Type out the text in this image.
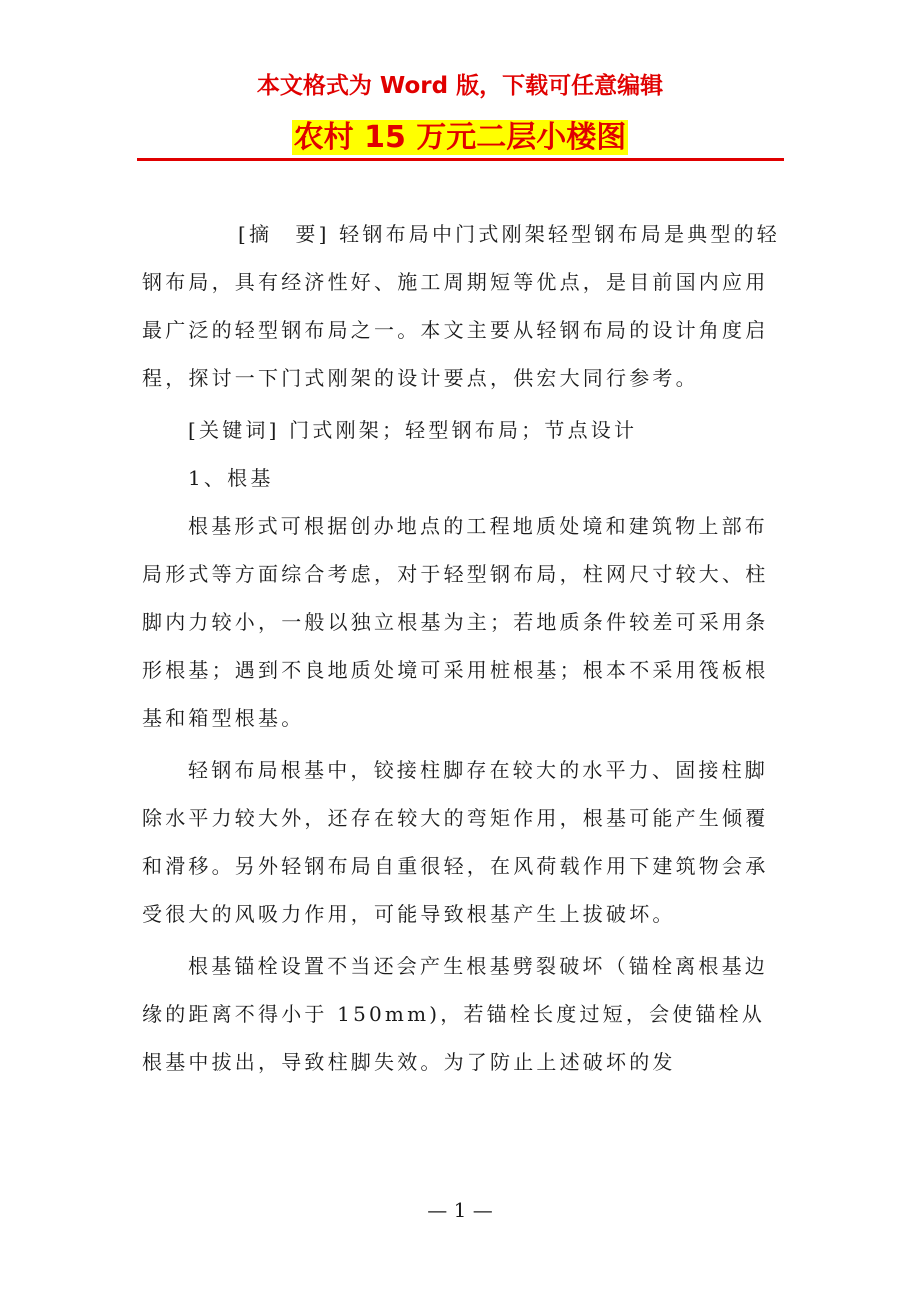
本文格式为 Word 版，下载可任意编辑

农村 15 万元二层小楼图

[摘　要] 轻钢布局中门式刚架轻型钢布局是典型的轻钢布局，具有经济性好、施工周期短等优点，是目前国内应用最广泛的轻型钢布局之一。本文主要从轻钢布局的设计角度启程，探讨一下门式刚架的设计要点，供宏大同行参考。

[关键词] 门式刚架；轻型钢布局；节点设计

1、根基

根基形式可根据创办地点的工程地质处境和建筑物上部布局形式等方面综合考虑，对于轻型钢布局，柱网尺寸较大、柱脚内力较小，一般以独立根基为主；若地质条件较差可采用条形根基；遇到不良地质处境可采用桩根基；根本不采用筏板根基和箱型根基。

轻钢布局根基中，铰接柱脚存在较大的水平力、固接柱脚除水平力较大外，还存在较大的弯矩作用，根基可能产生倾覆和滑移。另外轻钢布局自重很轻，在风荷载作用下建筑物会承受很大的风吸力作用，可能导致根基产生上拔破坏。

根基锚栓设置不当还会产生根基劈裂破坏（锚栓离根基边缘的距离不得小于 150mm)，若锚栓长度过短，会使锚栓从根基中拔出，导致柱脚失效。为了防止上述破坏的发

— 1 —
